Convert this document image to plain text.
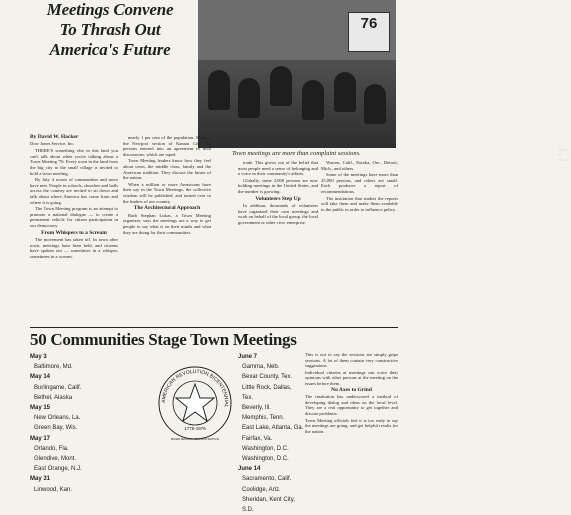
Meetings Convene
To Thrash Out
America's Future
76
—Betty M. Hacker
Town meetings are more than complaint sessions.
By David W. Hacker
Dow Jones Service, Inc.

THERE'S something else in this land you can't talk about when you're talking about a Town Meeting '76. Every town in the land from the big city to the small village is invited to hold a town meeting.

By July 4 scores of communities and more have met. People in schools, churches and halls across the country are invited to sit down and talk about where America has come from and where it is going.

The Town Meeting program is an attempt to promote a national dialogue — to create a permanent vehicle for citizen participation in our democracy.

From Whispers to a Scream

The movement has taken off. In town after town, meetings have been held, and citizens have spoken out — sometimes in a whisper, sometimes in a scream.

nearly 1 per cent of the population. More in the Newport section of Kansas City. All persons entered into an agreement to hold discussions, which are taped.

Town Meeting leaders know how they feel about town, the middle class, family and the American tradition. They discuss the future of the nation.

When a million or more Americans have their say in the Town Meetings, the collective wisdom will be published, and turned over to the leaders of our country.

The Architectural Approach

Ruth Stephan Lukas, a Town Meeting organizer, says the meetings are a way to get people to say what is on their minds and what they are doing for their communities.

trade. This grows out of the belief that most people need a sense of belonging and a voice in their community's affairs.

Globally, some 2,000 persons are now holding meetings in the United States, and the number is growing.

Volunteers Step Up

In addition, thousands of volunteers have organized their own meetings and work on behalf of the local group, the local government or other civic enterprise.

Warren, Calif., Eureka, Ore., Detroit, Mich., and others.

Some of the meetings have more than 25,000 persons, and others are small. Each produces a report of recommendations.

The institution that studies the reports will take them and make them available to the public in order to influence policy.

50 Communities Stage Town Meetings
May 3
Baltimore, Md.
May 14
Burlingame, Calif.
Bethel, Alaska
May 15
New Orleans, La.
Green Bay, Wis.
May 17
Orlando, Fla.
Glendive, Mont.
East Orange, N.J.
May 31
Linwood, Kan.
AMERICAN REVOLUTION BICENTENNIAL
1776-1976
BICENTENNIAL ADMINISTRATION
June 7
Gamma, Neb.
Bexar County, Tex.
Little Rock, Dallas, Tex.
Beverly, Ill.
Memphis, Tenn.
East Lake, Atlanta, Ga.
Fairfax, Va.
Washington, D.C.
Washington, D.C.
June 14
Sacramento, Calif.
Coolidge, Ariz.
Sheridan, Kent City, S.D.

This is not to say the sessions are simply gripe sessions. A lot of them contain very constructive suggestions.

Individual citizens at meetings can voice their opinions with other persons at the meeting on the issues before them.

No Axes to Grind

The institution has underscored a method of developing dialog and ideas on the local level. They are a real opportunity to get together and discuss problems.

Town Meeting officials feel it is too early to say the meetings are going, and get helpful results for the nation.
